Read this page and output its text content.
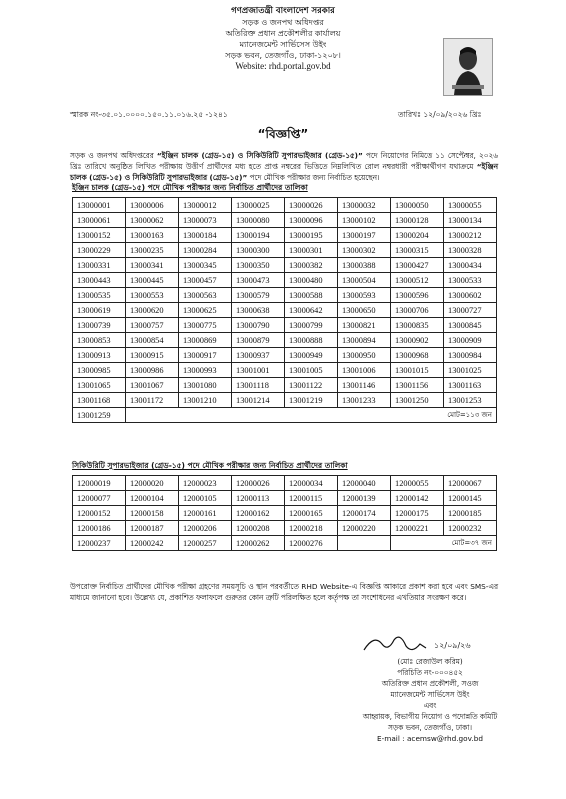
গণপ্রজাতন্ত্রী বাংলাদেশ সরকার
সড়ক ও জনপথ অধিদপ্তর
অতিরিক্ত প্রধান প্রকৌশলীর কার্যালয়
ম্যানেজমেন্ট সার্ভিসেস উইং
সড়ক ভবন, তেজগাঁও, ঢাকা-১২০৮।
Website: rhd.portal.gov.bd
স্মারক নং-৩৫.০১.০০০০.১৫০.১১.০১৬.২৫ -১২৪১	তারিখঃ ১২/০৯/২০২৬ খ্রিঃ
“বিজ্ঞপ্তি”
সড়ক ও জনপথ অধিদপ্তরের “ইঞ্জিন চালক (গ্রেড-১৫) ও সিকিউরিটি সুপারভাইজার (গ্রেড-১৫)” পদে নিয়োগের নিমিত্তে ১১ সেপ্টেম্বর, ২০২৬ খ্রিঃ তারিখে অনুষ্ঠিত লিখিত পরীক্ষায় উত্তীর্ণ প্রার্থীদের মধ্য হতে প্রাপ্ত নম্বরের ভিত্তিতে নিম্নলিখিত রোল নম্বরধারী পরীক্ষার্থীগণ যথাক্রমে “ইঞ্জিন চালক (গ্রেড-১৫) ও সিকিউরিটি সুপারভাইজার (গ্রেড-১৫)” পদে মৌখিক পরীক্ষার জন্য নির্বাচিত হয়েছেন।
ইঞ্জিন চালক (গ্রেড-১৫) পদে মৌখিক পরীক্ষার জন্য নির্বাচিত প্রার্থীদের তালিকা
13000001	13000006	13000012	13000025	13000026	13000032	13000050	13000055
13000061	13000062	13000073	13000080	13000096	13000102	13000128	13000134
13000152	13000163	13000184	13000194	13000195	13000197	13000204	13000212
13000229	13000235	13000284	13000300	13000301	13000302	13000315	13000328
13000331	13000341	13000345	13000350	13000382	13000388	13000427	13000434
13000443	13000445	13000457	13000473	13000480	13000504	13000512	13000533
13000535	13000553	13000563	13000579	13000588	13000593	13000596	13000602
13000619	13000620	13000625	13000638	13000642	13000650	13000706	13000727
13000739	13000757	13000775	13000790	13000799	13000821	13000835	13000845
13000853	13000854	13000869	13000879	13000888	13000894	13000902	13000909
13000913	13000915	13000917	13000937	13000949	13000950	13000968	13000984
13000985	13000986	13000993	13001001	13001005	13001006	13001015	13001025
13001065	13001067	13001080	13001118	13001122	13001146	13001156	13001163
13001168	13001172	13001210	13001214	13001219	13001233	13001250	13001253
13001259	মোট=১১৩ জন						
সিকিউরিটি সুপারভাইজার (গ্রেড-১৫) পদে মৌখিক পরীক্ষার জন্য নির্বাচিত প্রার্থীদের তালিকা
12000019	12000020	12000023	12000026	12000034	12000040	12000055	12000067
12000077	12000104	12000105	12000113	12000115	12000139	12000142	12000145
12000152	12000158	12000161	12000162	12000165	12000174	12000175	12000185
12000186	12000187	12000206	12000208	12000218	12000220	12000221	12000232
12000237	12000242	12000257	12000262	12000276		মোট=৩৭ জন	
উপরোক্ত নির্বাচিত প্রার্থীদের মৌখিক পরীক্ষা গ্রহণের সময়সূচি ও স্থান পরবর্তীতে RHD Website-এ বিজ্ঞপ্তি আকারে প্রকাশ করা হবে এবং SMS-এর মাধ্যমে জানানো হবে। উল্লেখ্য যে, প্রকাশিত ফলাফলে গুরুতর কোন ত্রুটি পরিলক্ষিত হলে কর্তৃপক্ষ তা সংশোধনের এখতিয়ার সংরক্ষণ করে।
১২/০৯/২৬
(মোঃ রেজাউল করিম)
পরিচিতি নং-০০০৪৫২
অতিরিক্ত প্রধান প্রকৌশলী, সওজ
ম্যানেজমেন্ট সার্ভিসেস উইং
এবং
আহ্বায়ক, বিভাগীয় নিয়োগ ও পদোন্নতি কমিটি
সড়ক ভবন, তেজগাঁও, ঢাকা।
E-mail : acemsw@rhd.gov.bd
